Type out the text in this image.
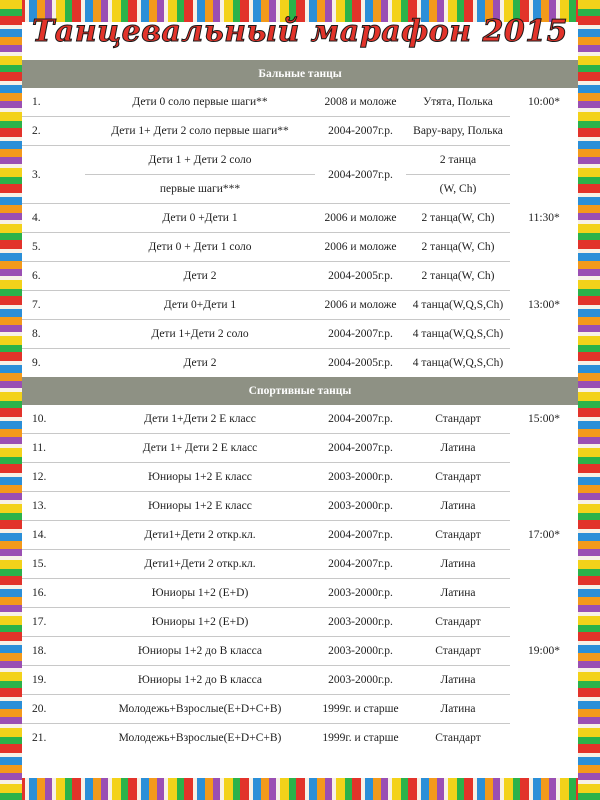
Танцевальный марафон 2015
Бальные танцы				
1.	Дети 0 соло первые шаги**	2008 и моложе	Утята, Полька	10:00*
2.	Дети 1+ Дети 2 соло первые шаги**	2004-2007г.р.	Вару-вару, Полька	
3.	Дети 1 + Дети 2 соло
первые шаги***	2004-2007г.р.	2 танца
(W, Ch)	

4.	Дети 0 +Дети 1	2006 и моложе	2 танца(W, Ch)	11:30*
5.	Дети 0 + Дети 1 соло	2006 и моложе	2 танца(W, Ch)	
6.	Дети 2	2004-2005г.р.	2 танца(W, Ch)	
7.	Дети 0+Дети 1	2006 и моложе	4 танца(W,Q,S,Ch)	13:00*
8.	Дети 1+Дети 2 соло	2004-2007г.р.	4 танца(W,Q,S,Ch)	
9.	Дети 2	2004-2005г.р.	4 танца(W,Q,S,Ch)	
Спортивные танцы				
10.	Дети 1+Дети 2 Е класс	2004-2007г.р.	Стандарт	15:00*
11.	Дети 1+ Дети 2 Е класс	2004-2007г.р.	Латина	
12.	Юниоры 1+2 Е класс	2003-2000г.р.	Стандарт	
13.	Юниоры 1+2 Е класс	2003-2000г.р.	Латина	
14.	Дети1+Дети 2 откр.кл.	2004-2007г.р.	Стандарт	17:00*
15.	Дети1+Дети 2 откр.кл.	2004-2007г.р.	Латина	
16.	Юниоры 1+2 (E+D)	2003-2000г.р.	Латина	
17.	Юниоры 1+2 (E+D)	2003-2000г.р.	Стандарт	
18.	Юниоры 1+2 до В класса	2003-2000г.р.	Стандарт	19:00*
19.	Юниоры 1+2 до В класса	2003-2000г.р.	Латина	
20.	Молодежь+Взрослые(E+D+C+B)	1999г. и старше	Латина	
21.	Молодежь+Взрослые(E+D+C+B)	1999г. и старше	Стандарт	
